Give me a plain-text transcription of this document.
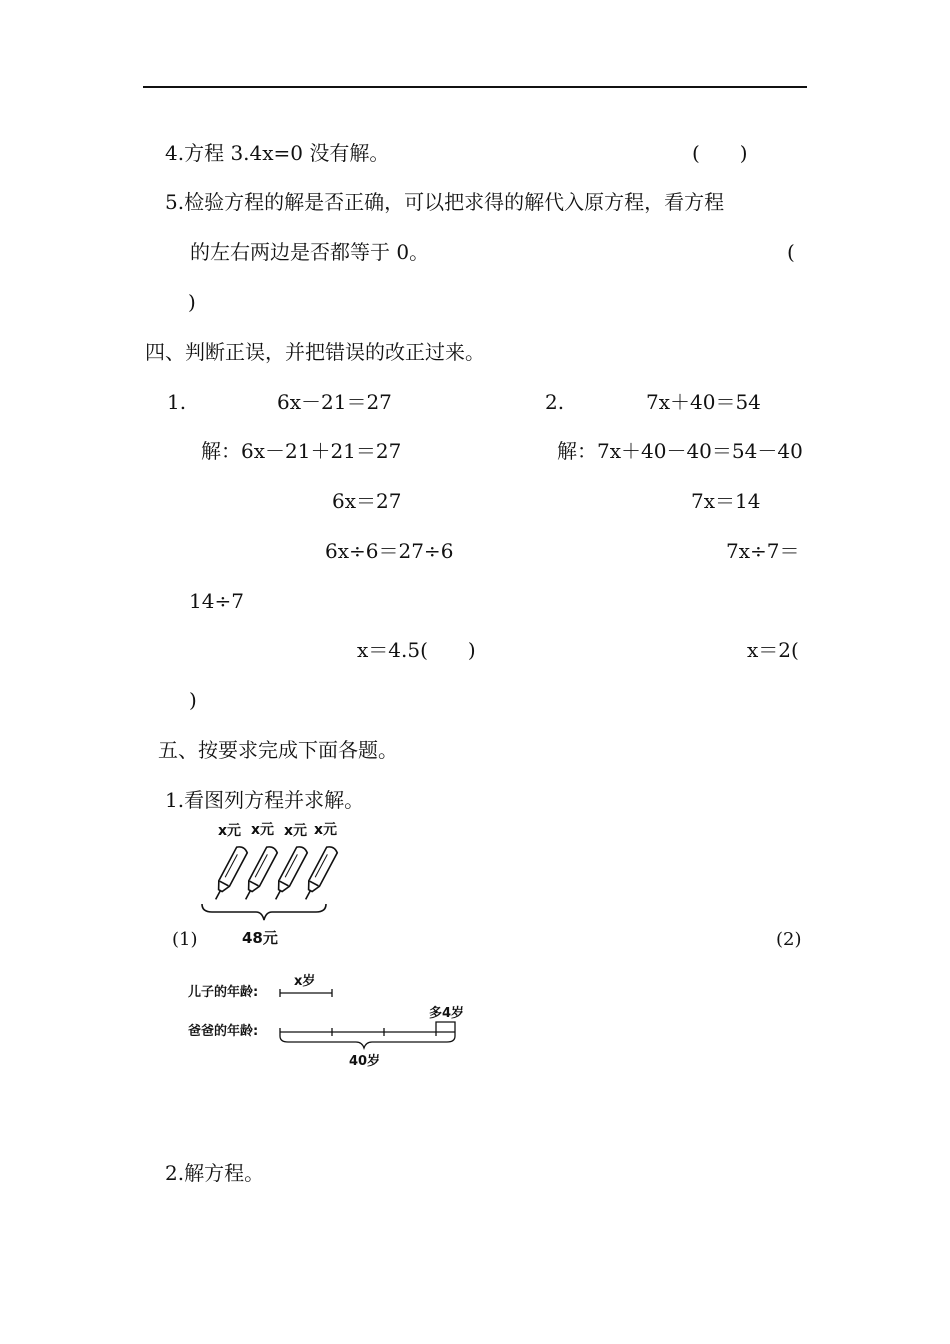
4.方程 3.4x=0 没有解。	(　　)
5.检验方程的解是否正确，可以把求得的解代入原方程，看方程
的左右两边是否都等于 0。	(
)
四、判断正误，并把错误的改正过来。
1.	6x－21＝27	2.	7x＋40＝54
解：6x－21＋21＝27	解：7x＋40－40＝54－40
6x＝27	7x＝14
6x÷6＝27÷6	7x÷7＝
14÷7
x＝4.5(　　)	x＝2(
)
五、按要求完成下面各题。
1.看图列方程并求解。
x元 x元 x元 x元
(1)	48元	(2)
x岁
儿子的年龄:
多4岁
爸爸的年龄:
40岁
2.解方程。
